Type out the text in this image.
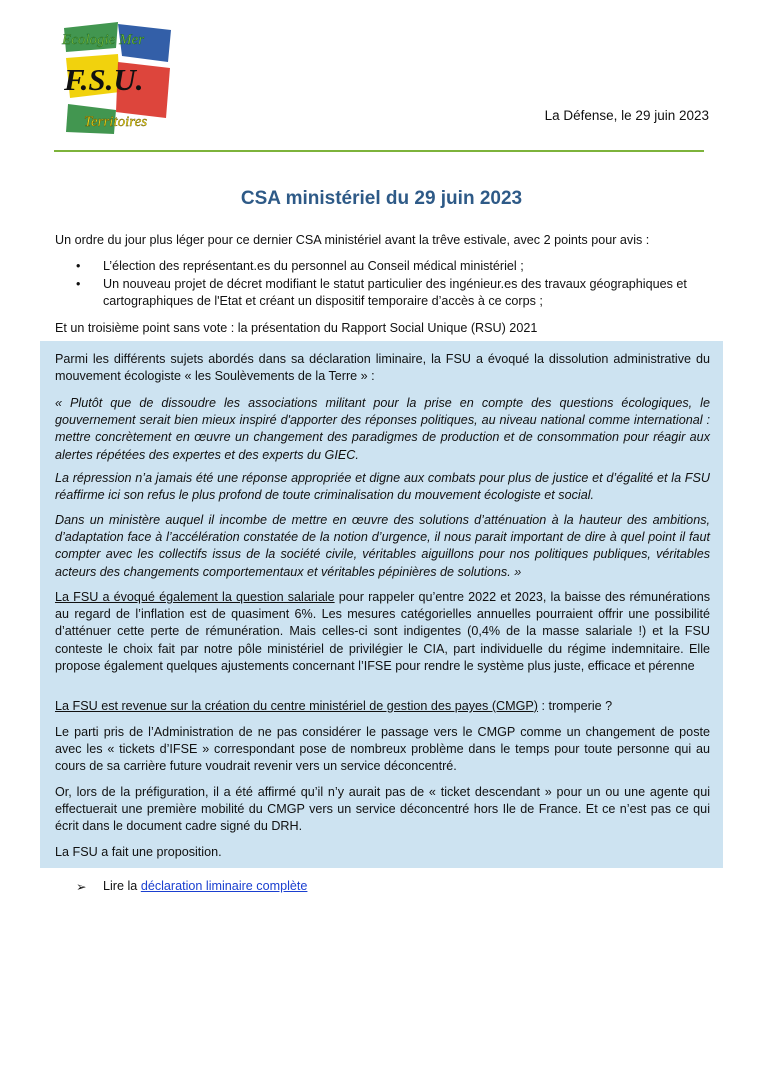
Ecologie Mer
F.S.U.
Territoires	La Défense, le 29 juin 2023
CSA ministériel du 29 juin 2023
Un ordre du jour plus léger pour ce dernier CSA ministériel avant la trêve estivale, avec 2 points pour avis :
• L’élection des représentant.es du personnel au Conseil médical ministériel ;
• Un nouveau projet de décret modifiant le statut particulier des ingénieur.es des travaux géographiques et cartographiques de l'Etat et créant un dispositif temporaire d’accès à ce corps ;
Et un troisième point sans vote : la présentation du Rapport Social Unique (RSU) 2021

Parmi les différents sujets abordés dans sa déclaration liminaire, la FSU a évoqué la dissolution administrative du mouvement écologiste « les Soulèvements de la Terre » :

« Plutôt que de dissoudre les associations militant pour la prise en compte des questions écologiques, le gouvernement serait bien mieux inspiré d'apporter des réponses politiques, au niveau national comme international : mettre concrètement en œuvre un changement des paradigmes de production et de consommation pour réagir aux alertes répétées des expertes et des experts du GIEC.

La répression n’a jamais été une réponse appropriée et digne aux combats pour plus de justice et d’égalité et la FSU réaffirme ici son refus le plus profond de toute criminalisation du mouvement écologiste et social.

Dans un ministère auquel il incombe de mettre en œuvre des solutions d’atténuation à la hauteur des ambitions, d’adaptation face à l’accélération constatée de la notion d’urgence, il nous parait important de dire à quel point il faut compter avec les collectifs issus de la société civile, véritables aiguillons pour nos politiques publiques, véritables acteurs des changements comportementaux et véritables pépinières de solutions. »

La FSU a évoqué également la question salariale pour rappeler qu’entre 2022 et 2023, la baisse des rémunérations au regard de l’inflation est de quasiment 6%. Les mesures catégorielles annuelles pourraient offrir une possibilité d’atténuer cette perte de rémunération. Mais celles-ci sont indigentes (0,4% de la masse salariale !) et la FSU conteste le choix fait par notre pôle ministériel de privilégier le CIA, part individuelle du régime indemnitaire. Elle propose également quelques ajustements concernant l’IFSE pour rendre le système plus juste, efficace et pérenne

La FSU est revenue sur la création du centre ministériel de gestion des payes (CMGP) : tromperie ?

Le parti pris de l’Administration de ne pas considérer le passage vers le CMGP comme un changement de poste avec les « tickets d’IFSE » correspondant pose de nombreux problème dans le temps pour toute personne qui au cours de sa carrière future voudrait revenir vers un service déconcentré.

Or, lors de la préfiguration, il a été affirmé qu’il n’y aurait pas de « ticket descendant » pour un ou une agente qui effectuerait une première mobilité du CMGP vers un service déconcentré hors Ile de France. Et ce n’est pas ce qui écrit dans le document cadre signé du DRH.

La FSU a fait une proposition.

➢ Lire la déclaration liminaire complète
